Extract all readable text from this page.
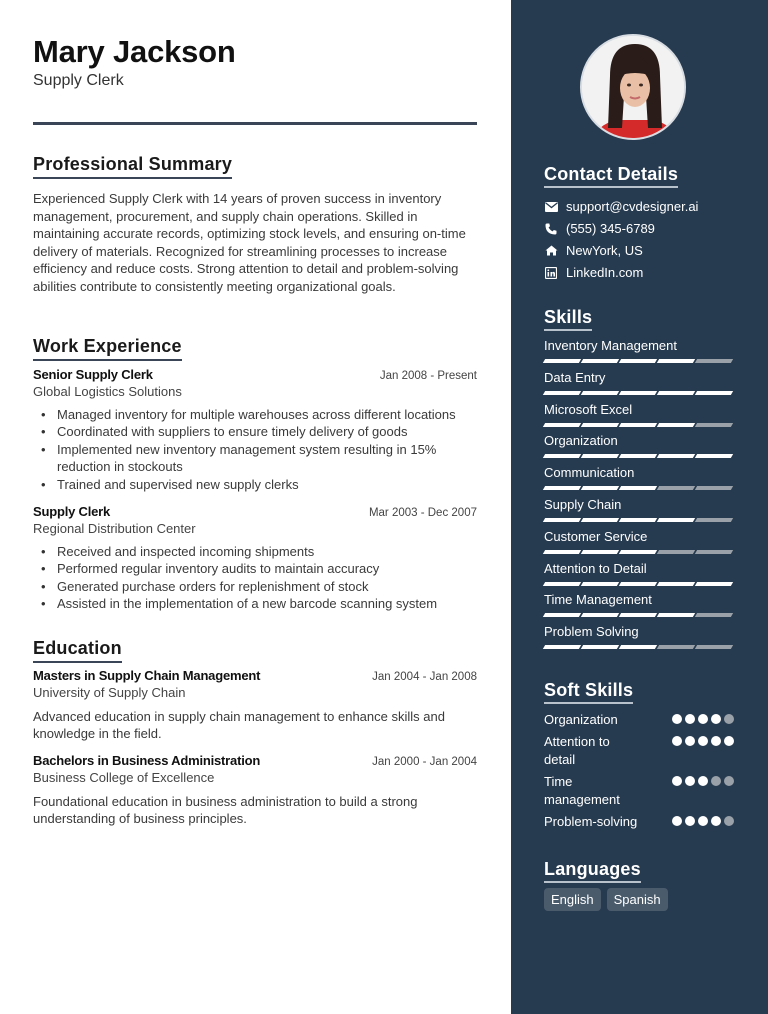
Mary Jackson
Supply Clerk
Professional Summary
Experienced Supply Clerk with 14 years of proven success in inventory management, procurement, and supply chain operations. Skilled in maintaining accurate records, optimizing stock levels, and ensuring on-time delivery of materials. Recognized for streamlining processes to increase efficiency and reduce costs. Strong attention to detail and problem-solving abilities contribute to consistently meeting organizational goals.
Work Experience
Senior Supply Clerk	Jan 2008 - Present
Global Logistics Solutions
• Managed inventory for multiple warehouses across different locations
• Coordinated with suppliers to ensure timely delivery of goods
• Implemented new inventory management system resulting in 15% reduction in stockouts
• Trained and supervised new supply clerks
Supply Clerk	Mar 2003 - Dec 2007
Regional Distribution Center
• Received and inspected incoming shipments
• Performed regular inventory audits to maintain accuracy
• Generated purchase orders for replenishment of stock
• Assisted in the implementation of a new barcode scanning system
Education
Masters in Supply Chain Management	Jan 2004 - Jan 2008
University of Supply Chain
Advanced education in supply chain management to enhance skills and knowledge in the field.
Bachelors in Business Administration	Jan 2000 - Jan 2004
Business College of Excellence
Foundational education in business administration to build a strong understanding of business principles.
Contact Details
support@cvdesigner.ai
(555) 345-6789
NewYork, US
LinkedIn.com
Skills
Inventory Management
Data Entry
Microsoft Excel
Organization
Communication
Supply Chain
Customer Service
Attention to Detail
Time Management
Problem Solving
Soft Skills
Organization
Attention to detail
Time management
Problem-solving
Languages
English	Spanish
